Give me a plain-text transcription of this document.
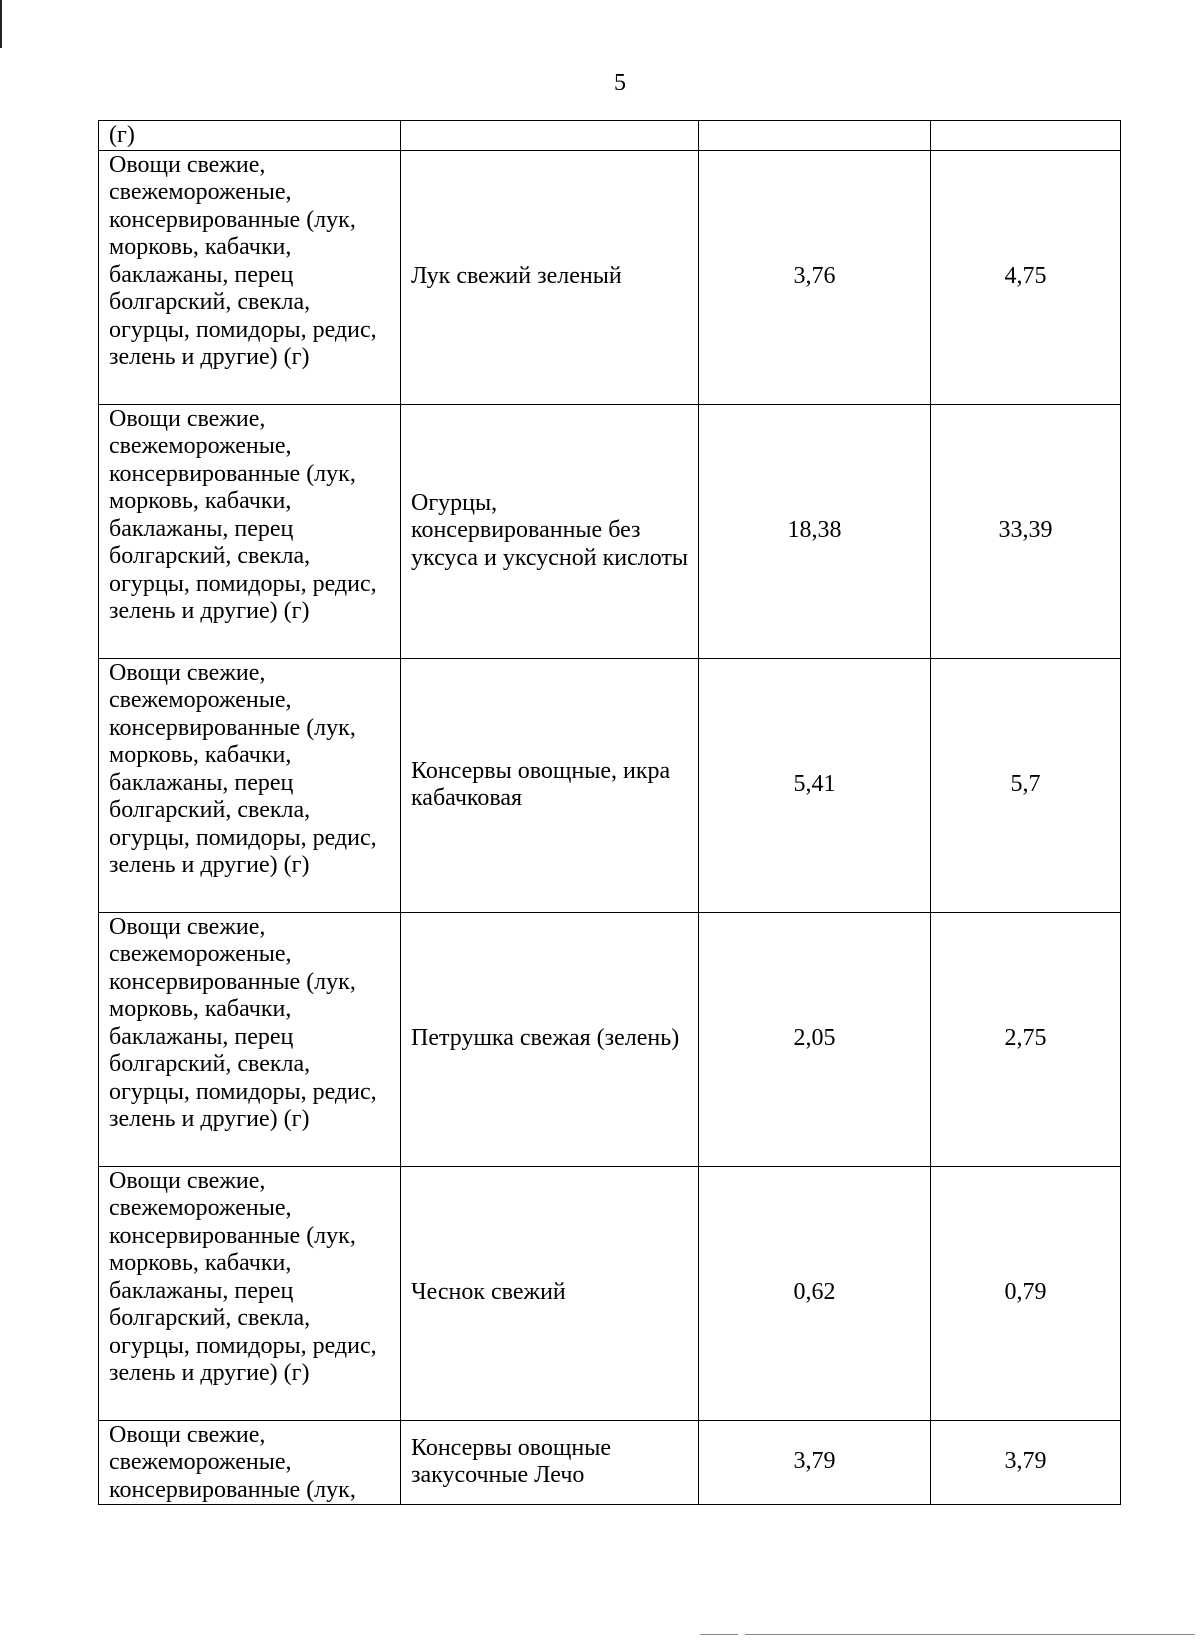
5
(г)			
Овощи свежие, свежемороженые, консервированные (лук, морковь, кабачки, баклажаны, перец болгарский, свекла, огурцы, помидоры, редис, зелень и другие) (г)	Лук свежий зеленый	3,76	4,75
Овощи свежие, свежемороженые, консервированные (лук, морковь, кабачки, баклажаны, перец болгарский, свекла, огурцы, помидоры, редис, зелень и другие) (г)	Огурцы, консервированные без уксуса и уксусной кислоты	18,38	33,39
Овощи свежие, свежемороженые, консервированные (лук, морковь, кабачки, баклажаны, перец болгарский, свекла, огурцы, помидоры, редис, зелень и другие) (г)	Консервы овощные, икра кабачковая	5,41	5,7
Овощи свежие, свежемороженые, консервированные (лук, морковь, кабачки, баклажаны, перец болгарский, свекла, огурцы, помидоры, редис, зелень и другие) (г)	Петрушка свежая (зелень)	2,05	2,75
Овощи свежие, свежемороженые, консервированные (лук, морковь, кабачки, баклажаны, перец болгарский, свекла, огурцы, помидоры, редис, зелень и другие) (г)	Чеснок свежий	0,62	0,79

Овощи свежие, свежемороженые, консервированные (лук,	Консервы овощные закусочные Лечо	3,79	3,79
